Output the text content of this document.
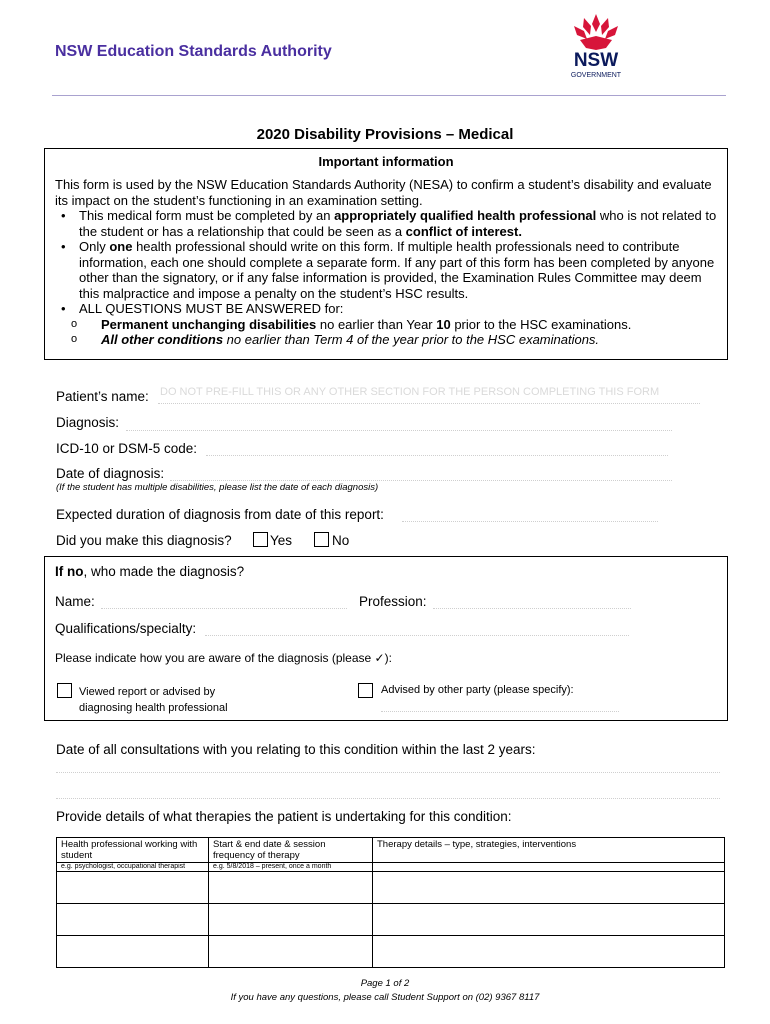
NSW Education Standards Authority	NSW
GOVERNMENT
2020 Disability Provisions – Medical
Important information
This form is used by the NSW Education Standards Authority (NESA) to confirm a student’s disability and evaluate its impact on the student’s functioning in an examination setting.
• This medical form must be completed by an appropriately qualified health professional who is not related to the student or has a relationship that could be seen as a conflict of interest.
• Only one health professional should write on this form. If multiple health professionals need to contribute information, each one should complete a separate form. If any part of this form has been completed by anyone other than the signatory, or if any false information is provided, the Examination Rules Committee may deem this malpractice and impose a penalty on the student’s HSC results.
• ALL QUESTIONS MUST BE ANSWERED for:
o Permanent unchanging disabilities no earlier than Year 10 prior to the HSC examinations.
o All other conditions no earlier than Term 4 of the year prior to the HSC examinations.
Patient’s name: DO NOT PRE-FILL THIS OR ANY OTHER SECTION FOR THE PERSON COMPLETING THIS FORM
Diagnosis:
ICD-10 or DSM-5 code:
Date of diagnosis:
(If the student has multiple disabilities, please list the date of each diagnosis)
Expected duration of diagnosis from date of this report:
Did you make this diagnosis?	Yes	No
If no, who made the diagnosis?
Name:	Profession:
Qualifications/specialty:
Please indicate how you are aware of the diagnosis (please ✓):
Viewed report or advised by
diagnosing health professional
Advised by other party (please specify):
Date of all consultations with you relating to this condition within the last 2 years:
Provide details of what therapies the patient is undertaking for this condition:
Health professional working with student	Start & end date & session frequency of therapy	Therapy details – type, strategies, interventions
e.g. psychologist, occupational therapist	e.g. 5/8/2018 – present, once a month	

Page 1 of 2
If you have any questions, please call Student Support on (02) 9367 8117
